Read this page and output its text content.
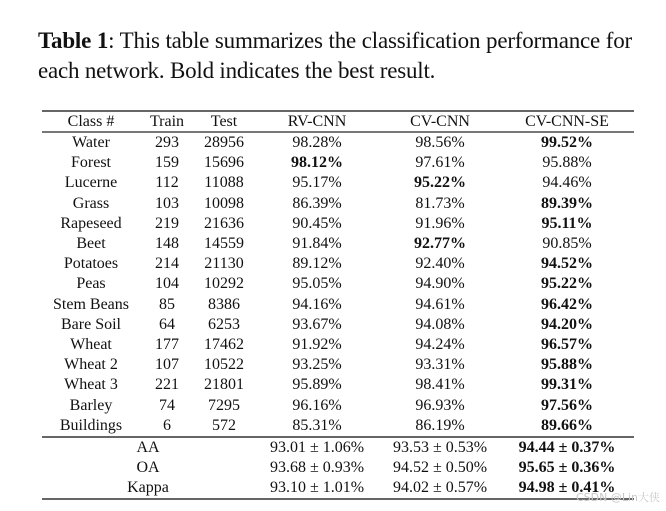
Table 1: This table summarizes the classification performance for each network. Bold indicates the best result.
Class #	Train	Test	RV-CNN	CV-CNN	CV-CNN-SE
Water	293	28956	98.28%	98.56%	99.52%
Forest	159	15696	98.12%	97.61%	95.88%
Lucerne	112	11088	95.17%	95.22%	94.46%
Grass	103	10098	86.39%	81.73%	89.39%
Rapeseed	219	21636	90.45%	91.96%	95.11%
Beet	148	14559	91.84%	92.77%	90.85%
Potatoes	214	21130	89.12%	92.40%	94.52%
Peas	104	10292	95.05%	94.90%	95.22%
Stem Beans	85	8386	94.16%	94.61%	96.42%
Bare Soil	64	6253	93.67%	94.08%	94.20%
Wheat	177	17462	91.92%	94.24%	96.57%
Wheat 2	107	10522	93.25%	93.31%	95.88%
Wheat 3	221	21801	95.89%	98.41%	99.31%
Barley	74	7295	96.16%	96.93%	97.56%
Buildings	6	572	85.31%	86.19%	89.66%
AA			93.01 ± 1.06%	93.53 ± 0.53%	94.44 ± 0.37%
OA			93.68 ± 0.93%	94.52 ± 0.50%	95.65 ± 0.36%
Kappa			93.10 ± 1.01%	94.02 ± 0.57%	94.98 ± 0.41%
CSDN @Lin大侠
